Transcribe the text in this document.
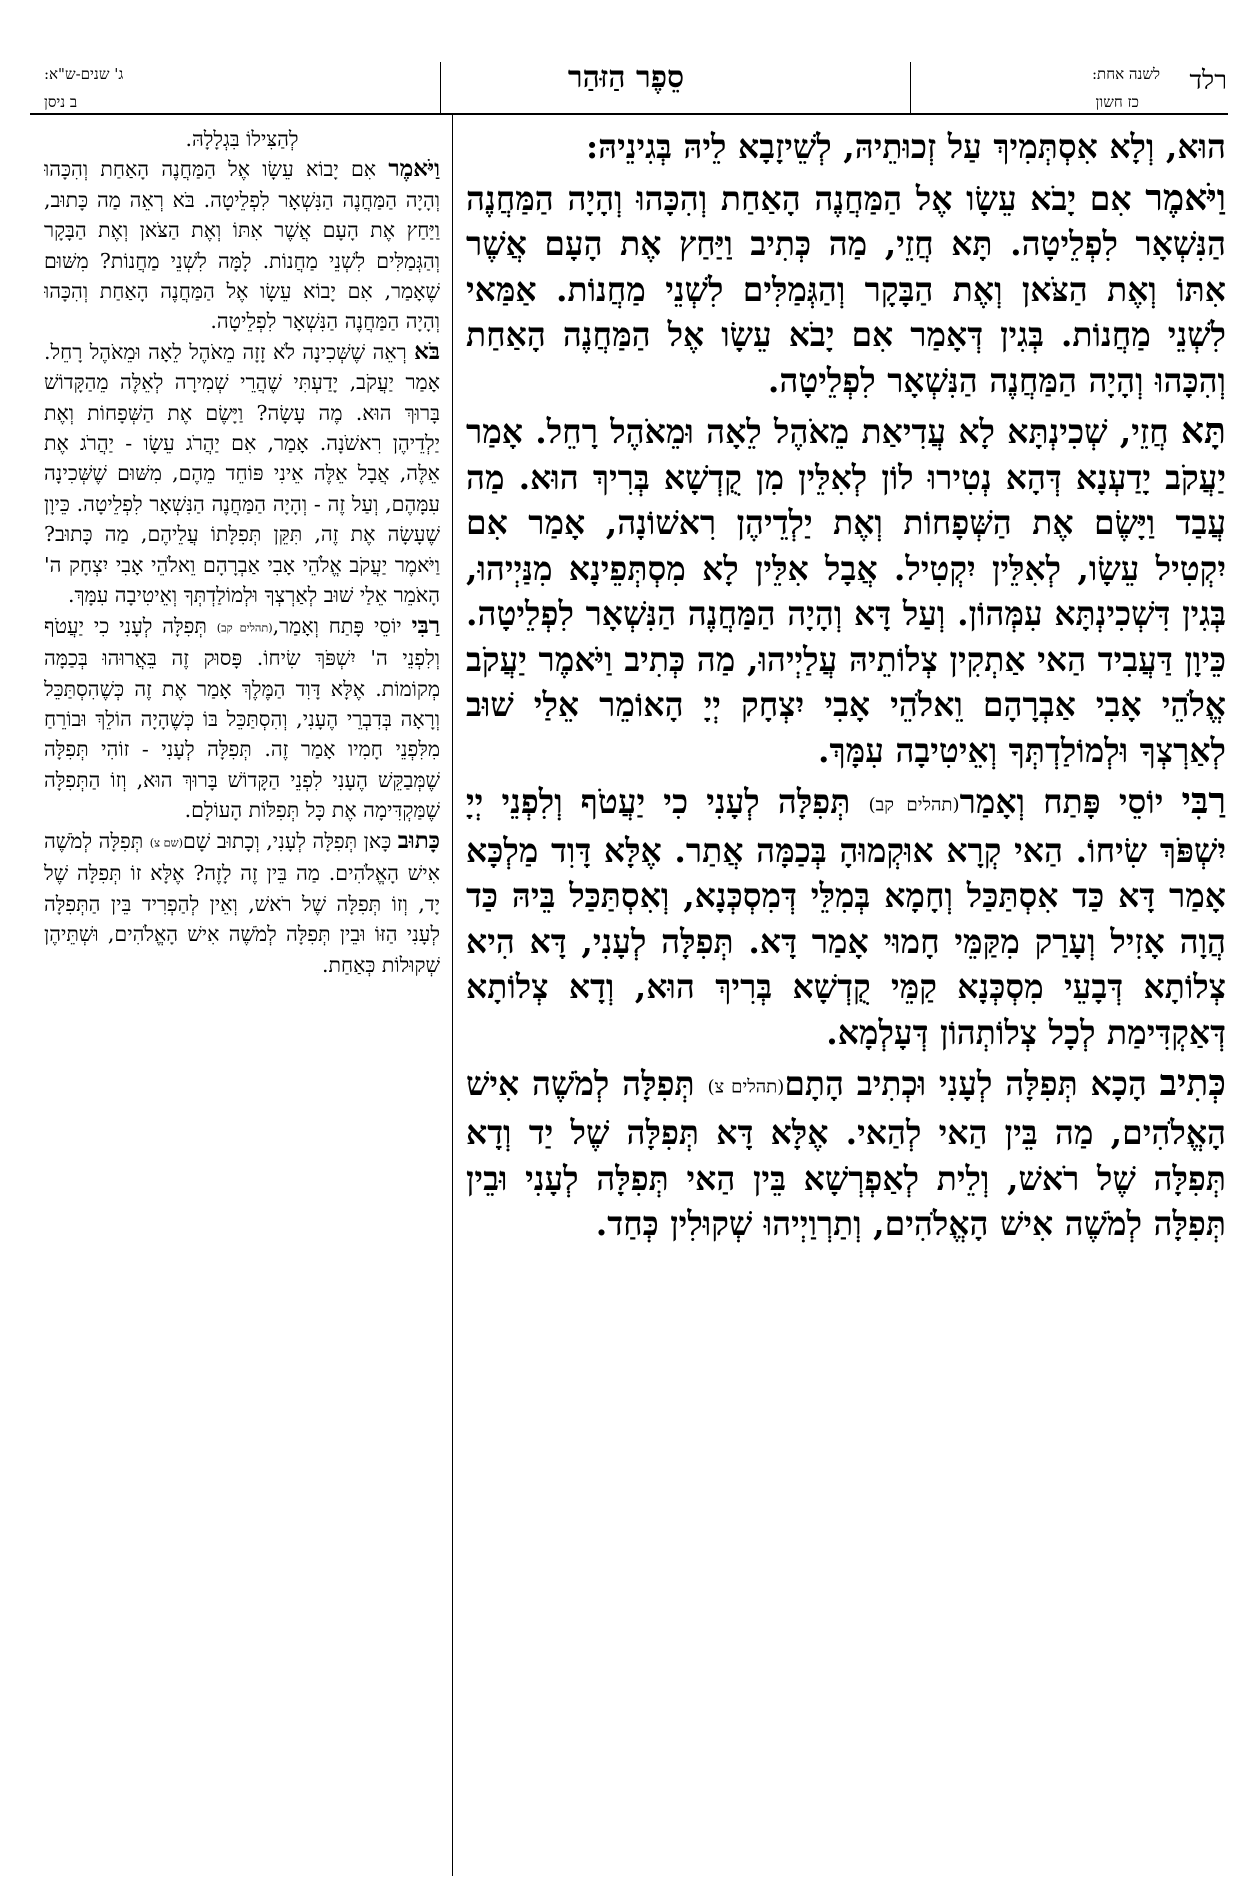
רלד
לשנה אחת:
כז חשון
סֵפֶר הַזּהַר
ג' שנים-ש"א:
ב ניסן

הוּא, וְלָא אִסְתְּמִיךְ עַל זְכוּתֵיהּ, לְשֵׁיזָבָא לֵיהּ בְּגִינֵיהּ:

וַיֹּאמֶר אִם יָבֹא עֵשָׂו אֶל הַמַּחֲנֶה הָאַחַת וְהִכָּהוּ וְהָיָה הַמַּחֲנֶה הַנִּשְׁאָר לִפְלֵיטָה. תָּא חֲזֵי, מַה כְּתִיב וַיַּחַץ אֶת הָעָם אֲשֶׁר אִתּוֹ וְאֶת הַצֹּאן וְאֶת הַבָּקָר וְהַגְּמַלִּים לִשְׁנֵי מַחֲנוֹת. אַמַּאי לִשְׁנֵי מַחֲנוֹת. בְּגִין דְּאָמַר אִם יָבֹא עֵשָׂו אֶל הַמַּחֲנֶה הָאַחַת וְהִכָּהוּ וְהָיָה הַמַּחֲנֶה הַנִּשְׁאָר לִפְלֵיטָה.

תָּא חֲזֵי, שְׁכִינְתָּא לָא עֲדִיאַת מֵאֹהֶל לֵאָה וּמֵאֹהֶל רָחֵל. אָמַר יַעֲקֹב יָדַעְנָא דְּהָא נְטִירוּ לוֹן לְאִלֵּין מִן קֻדְשָׁא בְּרִיךְ הוּא. מַה עֲבַד וַיָּשֶׂם אֶת הַשְּׁפָחוֹת וְאֶת יַלְדֵיהֶן רִאשׁוֹנָה, אָמַר אִם יִקְטִיל עֵשָׂו, לְאִלֵּין יִקְטִיל. אֲבָל אִלֵּין לָא מִסְתְּפֵינָא מִנַּיְיהוּ, בְּגִין דִּשְׁכִינְתָּא עִמְּהוֹן. וְעַל דָּא וְהָיָה הַמַּחֲנֶה הַנִּשְׁאָר לִפְלֵיטָה. כֵּיוָן דַּעֲבִיד הַאי אַתְקִין צְלוֹתֵיהּ עֲלַיְיהוּ, מַה כְּתִיב וַיֹּאמֶר יַעֲקֹב אֱלֹהֵי אָבִי אַבְרָהָם וֵאלֹהֵי אָבִי יִצְחָק יְיָ הָאוֹמֵר אֵלַי שׁוּב לְאַרְצְךָ וּלְמוֹלַדְתְּךָ וְאֵיטִיבָה עִמָּךְ.

רַבִּי יוֹסֵי פָּתַח וְאָמַר(תהלים קב) תְּפִלָּה לְעָנִי כִי יַעֲטֹף וְלִפְנֵי יְיָ יִשְׁפֹּךְ שִׂיחוֹ. הַאי קְרָא אוּקְמוּהָ בְּכַמָּה אֲתַר. אֶלָּא דָּוִד מַלְכָּא אָמַר דָּא כַּד אִסְתַּכַּל וְחָמָא בְּמִלֵּי דְּמִסְכְּנָא, וְאִסְתַּכַּל בֵּיהּ כַּד הֲוָה אָזִיל וְעָרַק מִקַּמֵּי חָמוּי אָמַר דָּא. תְּפִלָּה לְעָנִי, דָּא הִיא צְלוֹתָא דְּבָעֵי מִסְכְּנָא קַמֵּי קֻדְשָׁא בְּרִיךְ הוּא, וְדָא צְלוֹתָא דְּאַקְדִּימַת לְכָל צְלוֹתְהוֹן דְּעָלְמָא.

כְּתִיב הָכָא תְּפִלָּה לְעָנִי וּכְתִיב הָתָם(תהלים צ) תְּפִלָּה לְמֹשֶׁה אִישׁ הָאֱלֹהִים, מַה בֵּין הַאי לְהַאי. אֶלָּא דָּא תְּפִלָּה שֶׁל יַד וְדָא תְּפִלָּה שֶׁל רֹאשׁ, וְלֵית לְאַפְרְשָׁא בֵּין הַאי תְּפִלָּה לְעָנִי וּבֵין תְּפִלָּה לְמֹשֶׁה אִישׁ הָאֱלֹהִים, וְתַרְוַיְיהוּ שְׁקוּלִין כְּחַד.

לְהַצִּילוֹ בִּגְלָלָהּ.

וַיֹּאמֶר אִם יָבוֹא עֵשָׂו אֶל הַמַּחֲנֶה הָאַחַת וְהִכָּהוּ וְהָיָה הַמַּחֲנֶה הַנִּשְׁאָר לִפְלֵיטָה. בֹּא רְאֵה מַה כָּתוּב, וַיַּחַץ אֶת הָעָם אֲשֶׁר אִתּוֹ וְאֶת הַצֹּאן וְאֶת הַבָּקָר וְהַגְּמַלִּים לִשְׁנֵי מַחֲנוֹת. לָמָּה לִשְׁנֵי מַחֲנוֹת? מִשּׁוּם שֶׁאָמַר, אִם יָבוֹא עֵשָׂו אֶל הַמַּחֲנֶה הָאַחַת וְהִכָּהוּ וְהָיָה הַמַּחֲנֶה הַנִּשְׁאָר לִפְלֵיטָה.

בֹּא רְאֵה שֶׁשְּׁכִינָה לֹא זָזָה מֵאֹהֶל לֵאָה וּמֵאֹהֶל רָחֵל. אָמַר יַעֲקֹב, יָדַעְתִּי שֶׁהֲרֵי שְׁמִירָה לְאֵלֶּה מֵהַקָּדוֹשׁ בָּרוּךְ הוּא. מֶה עָשָׂה? וַיָּשֶׂם אֶת הַשְּׁפָחוֹת וְאֶת יַלְדֵיהֶן רִאשֹׁנָה. אָמַר, אִם יַהֲרֹג עֵשָׂו - יַהֲרֹג אֶת אֵלֶּה, אֲבָל אֵלֶּה אֵינִי פּוֹחֵד מֵהֶם, מִשּׁוּם שֶׁשְּׁכִינָה עִמָּהֶם, וְעַל זֶה - וְהָיָה הַמַּחֲנֶה הַנִּשְׁאָר לִפְלֵיטָה. כֵּיוָן שֶׁעָשָׂה אֶת זֶה, תִּקֵּן תְּפִלָּתוֹ עֲלֵיהֶם, מַה כָּתוּב? וַיֹּאמֶר יַעֲקֹב אֱלֹהֵי אָבִי אַבְרָהָם וֵאלֹהֵי אָבִי יִצְחָק ה' הָאֹמֵר אֵלַי שׁוּב לְאַרְצְךָ וּלְמוֹלַדְתְּךָ וְאֵיטִיבָה עִמָּךְ.

רַבִּי יוֹסֵי פָּתַח וְאָמַר,(תהלים קב) תְּפִלָּה לְעָנִי כִי יַעֲטֹף וְלִפְנֵי ה' יִשְׁפֹּךְ שִׂיחוֹ. פָּסוּק זֶה בֵּאֲרוּהוּ בְּכַמָּה מְקוֹמוֹת. אֶלָּא דָּוִד הַמֶּלֶךְ אָמַר אֶת זֶה כְּשֶׁהִסְתַּכֵּל וְרָאָה בְּדִבְרֵי הֶעָנִי, וְהִסְתַּכֵּל בּוֹ כְּשֶׁהָיָה הוֹלֵךְ וּבוֹרֵחַ מִלִּפְנֵי חָמִיו אָמַר זֶה. תְּפִלָּה לְעָנִי - זוֹהִי תְּפִלָּה שֶׁמְּבַקֵּשׁ הֶעָנִי לִפְנֵי הַקָּדוֹשׁ בָּרוּךְ הוּא, וְזוֹ הַתְּפִלָּה שֶׁמַּקְדִּימָה אֶת כָּל תְּפִלּוֹת הָעוֹלָם.

כָּתוּב כָּאן תְּפִלָּה לְעָנִי, וְכָתוּב שָׁם(שם צ) תְּפִלָּה לְמֹשֶׁה אִישׁ הָאֱלֹהִים. מַה בֵּין זֶה לָזֶה? אֶלָּא זוֹ תְּפִלָּה שֶׁל יָד, וְזוֹ תְּפִלָּה שֶׁל רֹאשׁ, וְאֵין לְהַפְרִיד בֵּין הַתְּפִלָּה לְעָנִי הַזּוֹ וּבֵין תְּפִלָּה לְמֹשֶׁה אִישׁ הָאֱלֹהִים, וּשְׁתֵּיהֶן שְׁקוּלוֹת כְּאַחַת.
